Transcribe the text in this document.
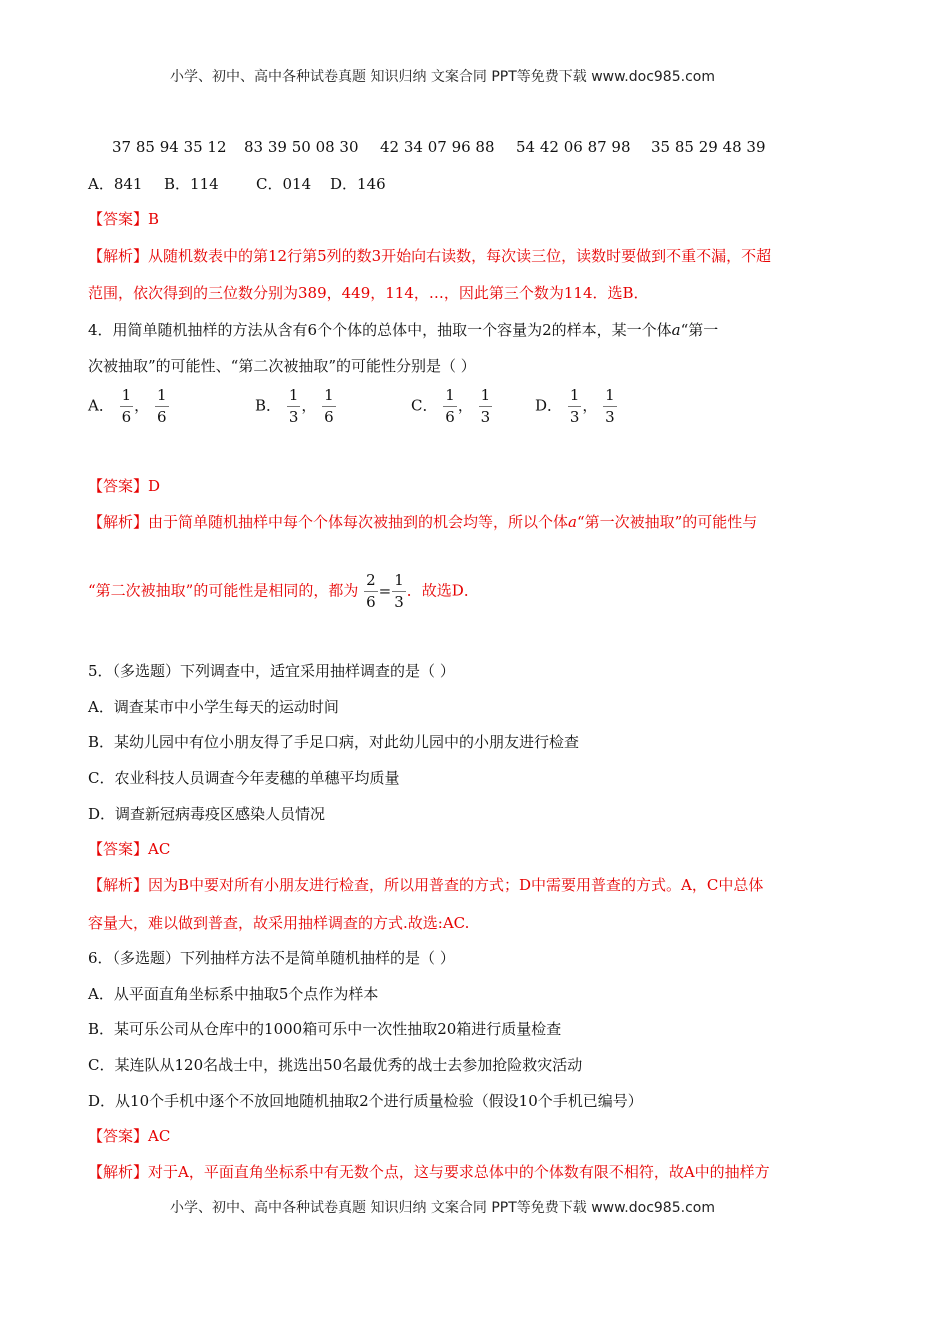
小学、初中、高中各种试卷真题 知识归纳 文案合同 PPT等免费下载 www.doc985.com
37 85 94 35 12 83 39 50 08 30 42 34 07 96 88 54 42 06 87 98 35 85 29 48 39
A．841 B．114 C．014 D．146
【答案】B
【解析】从随机数表中的第12行第5列的数3开始向右读数，每次读三位，读数时要做到不重不漏，不超
范围，依次得到的三位数分别为389，449，114，…，因此第三个数为114．选B．
4．用简单随机抽样的方法从含有6个个体的总体中，抽取一个容量为2的样本，某一个体a“第一
次被抽取”的可能性、“第二次被抽取”的可能性分别是（ ）
A． $\frac{1}{6}$ ， $\frac{1}{6}$	B． $\frac{1}{3}$ ， $\frac{1}{6}$	C． $\frac{1}{6}$ ， $\frac{1}{3}$	D． $\frac{1}{3}$ ， $\frac{1}{3}$
【答案】D
【解析】由于简单随机抽样中每个个体每次被抽到的机会均等，所以个体a“第一次被抽取”的可能性与
“第二次被抽取”的可能性是相同的，都为 $\frac{2}{6} = \frac{1}{3}$ ．故选D．
5．（多选题）下列调查中，适宜采用抽样调查的是（ ）
A．调查某市中小学生每天的运动时间
B．某幼儿园中有位小朋友得了手足口病，对此幼儿园中的小朋友进行检查
C．农业科技人员调查今年麦穗的单穗平均质量
D．调查新冠病毒疫区感染人员情况
【答案】AC
【解析】因为B中要对所有小朋友进行检查，所以用普查的方式；D中需要用普查的方式。A，C中总体
容量大，难以做到普查，故采用抽样调查的方式.故选:AC.
6．（多选题）下列抽样方法不是简单随机抽样的是（ ）
A．从平面直角坐标系中抽取5个点作为样本
B．某可乐公司从仓库中的1000箱可乐中一次性抽取20箱进行质量检查
C．某连队从120名战士中，挑选出50名最优秀的战士去参加抢险救灾活动
D．从10个手机中逐个不放回地随机抽取2个进行质量检验（假设10个手机已编号）
【答案】AC
【解析】对于A，平面直角坐标系中有无数个点，这与要求总体中的个体数有限不相符，故A中的抽样方
小学、初中、高中各种试卷真题 知识归纳 文案合同 PPT等免费下载 www.doc985.com
